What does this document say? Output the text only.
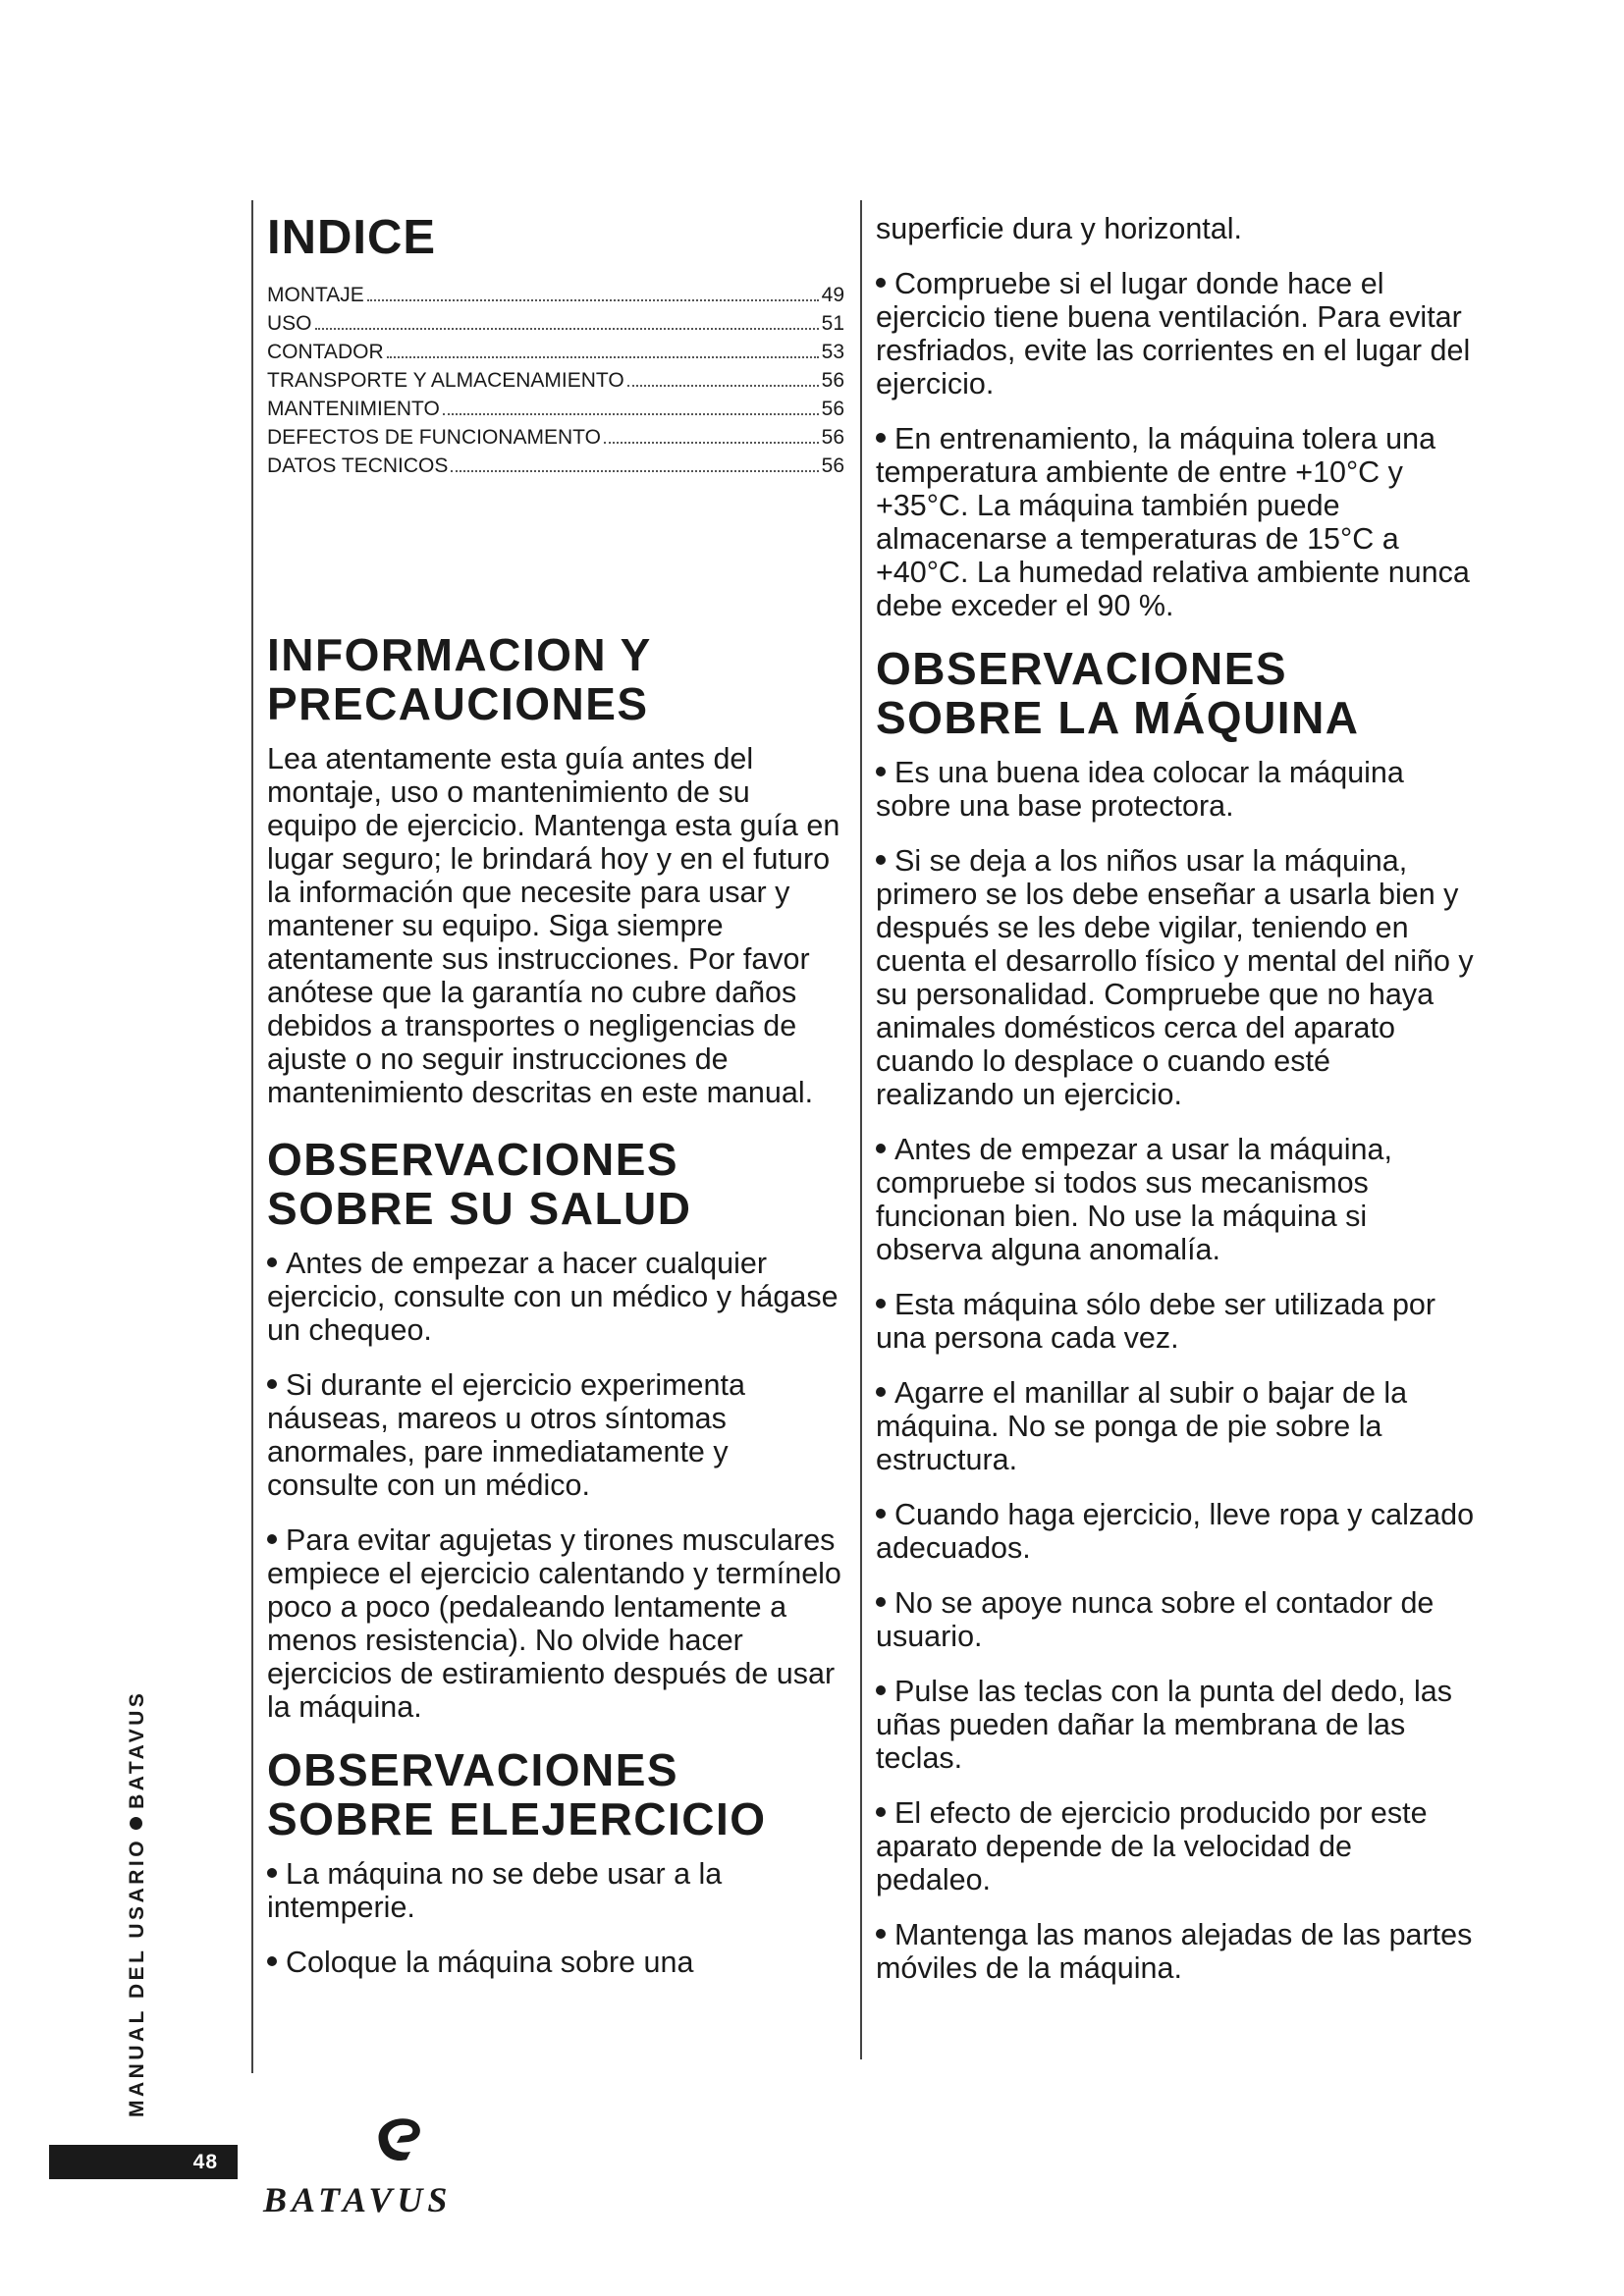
INDICE
MONTAJE	49
USO	51
CONTADOR	53
TRANSPORTE Y ALMACENAMIENTO	56
MANTENIMIENTO	56
DEFECTOS DE FUNCIONAMENTO	56
DATOS TECNICOS	56
INFORMACION Y
PRECAUCIONES

Lea atentamente esta guía antes del montaje, uso o mantenimiento de su equipo de ejercicio. Mantenga esta guía en lugar seguro; le brindará hoy y en el futuro la información que necesite para usar y mantener su equipo. Siga siempre atentamente sus instrucciones. Por favor anótese que la garantía no cubre daños debidos a transportes o negligencias de ajuste o no seguir instrucciones de mantenimiento descritas en este manual.

OBSERVACIONES
SOBRE SU SALUD

Antes de empezar a hacer cualquier ejercicio, consulte con un médico y hágase un chequeo.

Si durante el ejercicio experimenta náuseas, mareos u otros síntomas anormales, pare inmediatamente y consulte con un médico.

Para evitar agujetas y tirones musculares empiece el ejercicio calentando y termínelo poco a poco (pedaleando lentamente a menos resistencia). No olvide hacer ejercicios de estiramiento después de usar la máquina.

OBSERVACIONES
SOBRE ELEJERCICIO

La máquina no se debe usar a la intemperie.

Coloque la máquina sobre una

superficie dura y horizontal.

Compruebe si el lugar donde hace el ejercicio tiene buena ventilación. Para evitar resfriados, evite las corrientes en el lugar del ejercicio.

En entrenamiento, la máquina tolera una temperatura ambiente de entre +10°C y +35°C. La máquina también puede almacenarse a temperaturas de 15°C a +40°C. La humedad relativa ambiente nunca debe exceder el 90 %.

OBSERVACIONES
SOBRE LA MÁQUINA

Es una buena idea colocar la máquina sobre una base protectora.

Si se deja a los niños usar la máquina, primero se los debe enseñar a usarla bien y después se les debe vigilar, teniendo en cuenta el desarrollo físico y mental del niño y su personalidad. Compruebe que no haya animales domésticos cerca del aparato cuando lo desplace o cuando esté realizando un ejercicio.

Antes de empezar a usar la máquina, compruebe si todos sus mecanismos funcionan bien. No use la máquina si observa alguna anomalía.

Esta máquina sólo debe ser utilizada por una persona cada vez.

Agarre el manillar al subir o bajar de la máquina. No se ponga de pie sobre la estructura.

Cuando haga ejercicio, lleve ropa y calzado adecuados.

No se apoye nunca sobre el contador de usuario.

Pulse las teclas con la punta del dedo, las uñas pueden dañar la membrana de las teclas.

El efecto de ejercicio producido por este aparato depende de la velocidad de pedaleo.

Mantenga las manos alejadas de las partes móviles de la máquina.

MANUAL DEL USARIOBATAVUS
48
BATAVUS
